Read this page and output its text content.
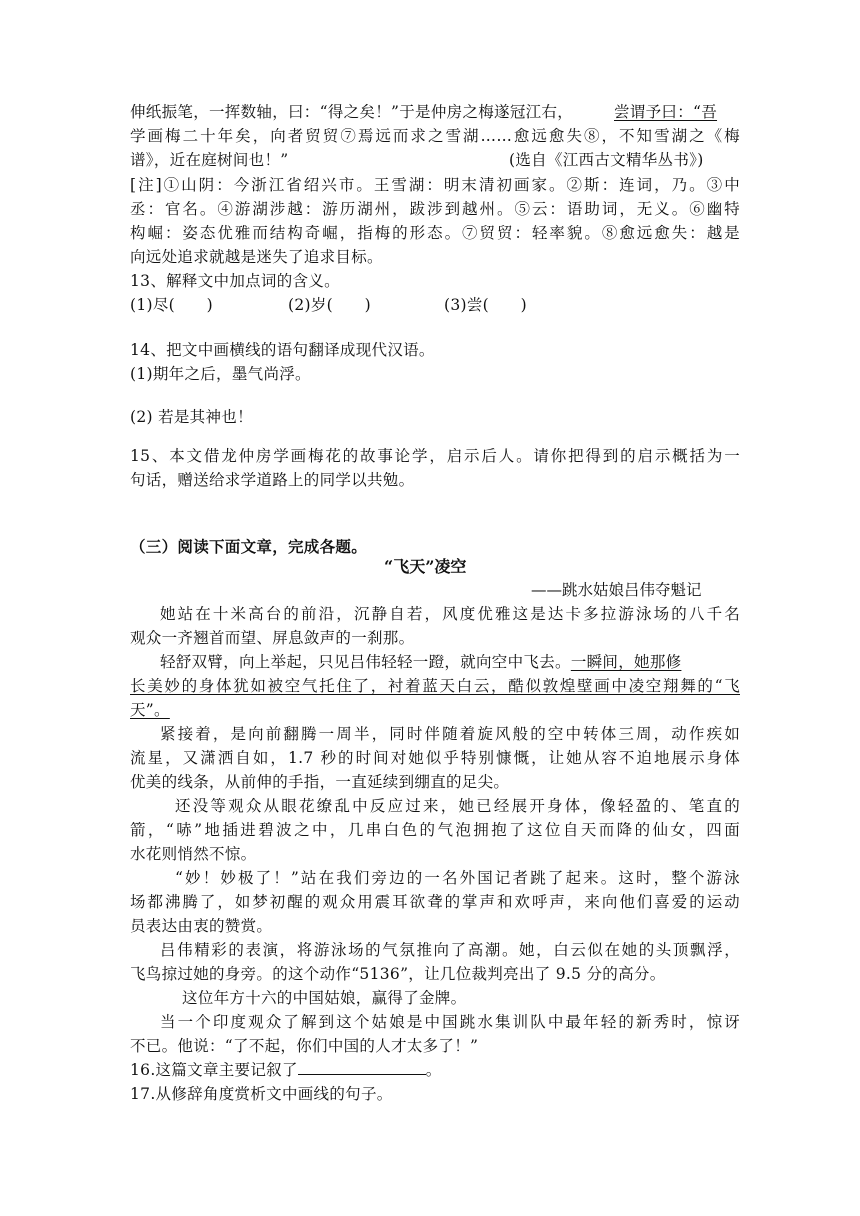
伸纸振笔，一挥数轴，曰：“得之矣！”于是仲房之梅遂冠江右，	尝谓予曰：“吾
学画梅二十年矣，向者贸贸⑦焉远而求之雪湖……愈远愈失⑧，不知雪湖之《梅
谱》，近在庭树间也！”	(选自《江西古文精华丛书》)
[注]①山阴：今浙江省绍兴市。王雪湖：明末清初画家。②斯：连词，乃。③中
丞：官名。④游湖涉越：游历湖州，跋涉到越州。⑤云：语助词，无义。⑥幽特
构崛：姿态优雅而结构奇崛，指梅的形态。⑦贸贸：轻率貌。⑧愈远愈失：越是
向远处追求就越是迷失了追求目标。
13、解释文中加点词的含义。
(1)尽(　　)	(2)岁(　　)	(3)尝(　　)
14、把文中画横线的语句翻译成现代汉语。
(1)期年之后，墨气尚浮。
(2) 若是其神也！
15、本文借龙仲房学画梅花的故事论学，启示后人。请你把得到的启示概括为一
句话，赠送给求学道路上的同学以共勉。
（三）阅读下面文章，完成各题。
“飞天”凌空
——跳水姑娘吕伟夺魁记
她站在十米高台的前沿，沉静自若，风度优雅这是达卡多拉游泳场的八千名
观众一齐翘首而望、屏息敛声的一刹那。
轻舒双臂，向上举起，只见吕伟轻轻一蹬，就向空中飞去。一瞬间，她那修
长美妙的身体犹如被空气托住了，衬着蓝天白云，酷似敦煌壁画中凌空翔舞的“飞
天”。
紧接着，是向前翻腾一周半，同时伴随着旋风般的空中转体三周，动作疾如
流星，又潇洒自如，1.7 秒的时间对她似乎特别慷慨，让她从容不迫地展示身体
优美的线条，从前伸的手指，一直延续到绷直的足尖。
还没等观众从眼花缭乱中反应过来，她已经展开身体，像轻盈的、笔直的
箭，“哧”地插进碧波之中，几串白色的气泡拥抱了这位自天而降的仙女，四面
水花则悄然不惊。
“妙！妙极了！”站在我们旁边的一名外国记者跳了起来。这时，整个游泳
场都沸腾了，如梦初醒的观众用震耳欲聋的掌声和欢呼声，来向他们喜爱的运动
员表达由衷的赞赏。
吕伟精彩的表演，将游泳场的气氛推向了高潮。她，白云似在她的头顶飘浮，
飞鸟掠过她的身旁。的这个动作“5136”，让几位裁判亮出了 9.5 分的高分。
这位年方十六的中国姑娘，赢得了金牌。
当一个印度观众了解到这个姑娘是中国跳水集训队中最年轻的新秀时，惊讶
不已。他说：“了不起，你们中国的人才太多了！”
16.这篇文章主要记叙了	。
17.从修辞角度赏析文中画线的句子。
